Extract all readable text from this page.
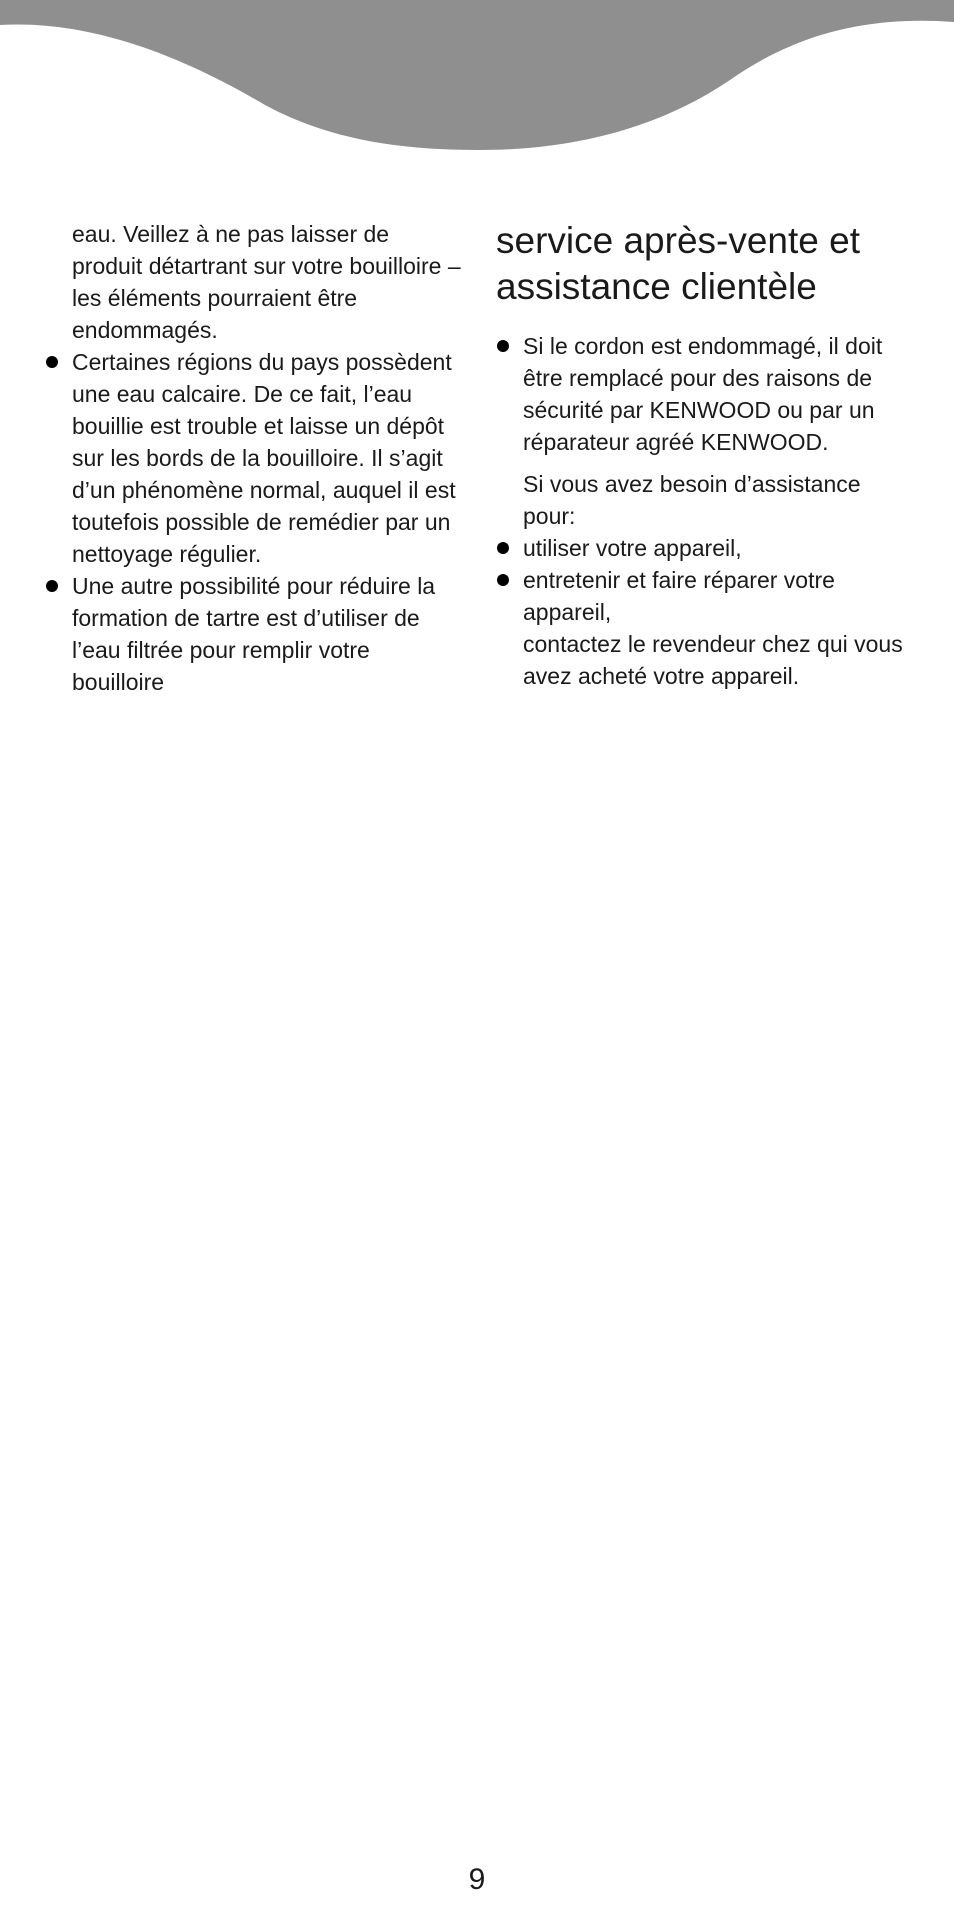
eau. Veillez à ne pas laisser de produit détartrant sur votre bouilloire – les éléments pourraient être endommagés.

Certaines régions du pays possèdent une eau calcaire. De ce fait, l’eau bouillie est trouble et laisse un dépôt sur les bords de la bouilloire. Il s’agit d’un phénomène normal, auquel il est toutefois possible de remédier par un nettoyage régulier.
Une autre possibilité pour réduire la formation de tartre est d’utiliser de l’eau filtrée pour remplir votre bouilloire
service après-vente et assistance clientèle
Si le cordon est endommagé, il doit être remplacé pour des raisons de sécurité par KENWOOD ou par un réparateur agréé KENWOOD.

Si vous avez besoin d’assistance pour:

utiliser votre appareil,
entretenir et faire réparer votre appareil,

contactez le revendeur chez qui vous avez acheté votre appareil.

9
